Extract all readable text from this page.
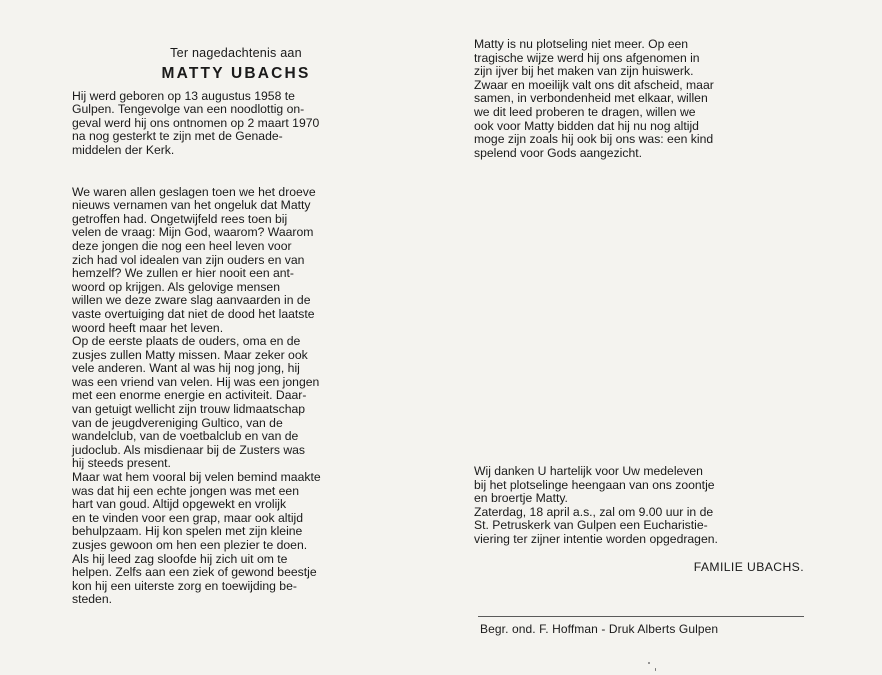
Ter nagedachtenis aan
MATTY UBACHS

Hij werd geboren op 13 augustus 1958 te

Gulpen. Tengevolge van een noodlottig on-

geval werd hij ons ontnomen op 2 maart 1970

na nog gesterkt te zijn met de Genade-

middelen der Kerk.

We waren allen geslagen toen we het droeve

nieuws vernamen van het ongeluk dat Matty

getroffen had. Ongetwijfeld rees toen bij

velen de vraag: Mijn God, waarom? Waarom

deze jongen die nog een heel leven voor

zich had vol idealen van zijn ouders en van

hemzelf? We zullen er hier nooit een ant-

woord op krijgen. Als gelovige mensen

willen we deze zware slag aanvaarden in de

vaste overtuiging dat niet de dood het laatste

woord heeft maar het leven.

Op de eerste plaats de ouders, oma en de

zusjes zullen Matty missen. Maar zeker ook

vele anderen. Want al was hij nog jong, hij

was een vriend van velen. Hij was een jongen

met een enorme energie en activiteit. Daar-

van getuigt wellicht zijn trouw lidmaatschap

van de jeugdvereniging Gultico, van de

wandelclub, van de voetbalclub en van de

judoclub. Als misdienaar bij de Zusters was

hij steeds present.

Maar wat hem vooral bij velen bemind maakte

was dat hij een echte jongen was met een

hart van goud. Altijd opgewekt en vrolijk

en te vinden voor een grap, maar ook altijd

behulpzaam. Hij kon spelen met zijn kleine

zusjes gewoon om hen een plezier te doen.

Als hij leed zag sloofde hij zich uit om te

helpen. Zelfs aan een ziek of gewond beestje

kon hij een uiterste zorg en toewijding be-

steden.

Matty is nu plotseling niet meer. Op een

tragische wijze werd hij ons afgenomen in

zijn ijver bij het maken van zijn huiswerk.

Zwaar en moeilijk valt ons dit afscheid, maar

samen, in verbondenheid met elkaar, willen

we dit leed proberen te dragen, willen we

ook voor Matty bidden dat hij nu nog altijd

moge zijn zoals hij ook bij ons was: een kind

spelend voor Gods aangezicht.

Wij danken U hartelijk voor Uw medeleven

bij het plotselinge heengaan van ons zoontje

en broertje Matty.

Zaterdag, 18 april a.s., zal om 9.00 uur in de

St. Petruskerk van Gulpen een Eucharistie-

viering ter zijner intentie worden opgedragen.

FAMILIE UBACHS.
Begr. ond. F. Hoffman - Druk Alberts Gulpen
